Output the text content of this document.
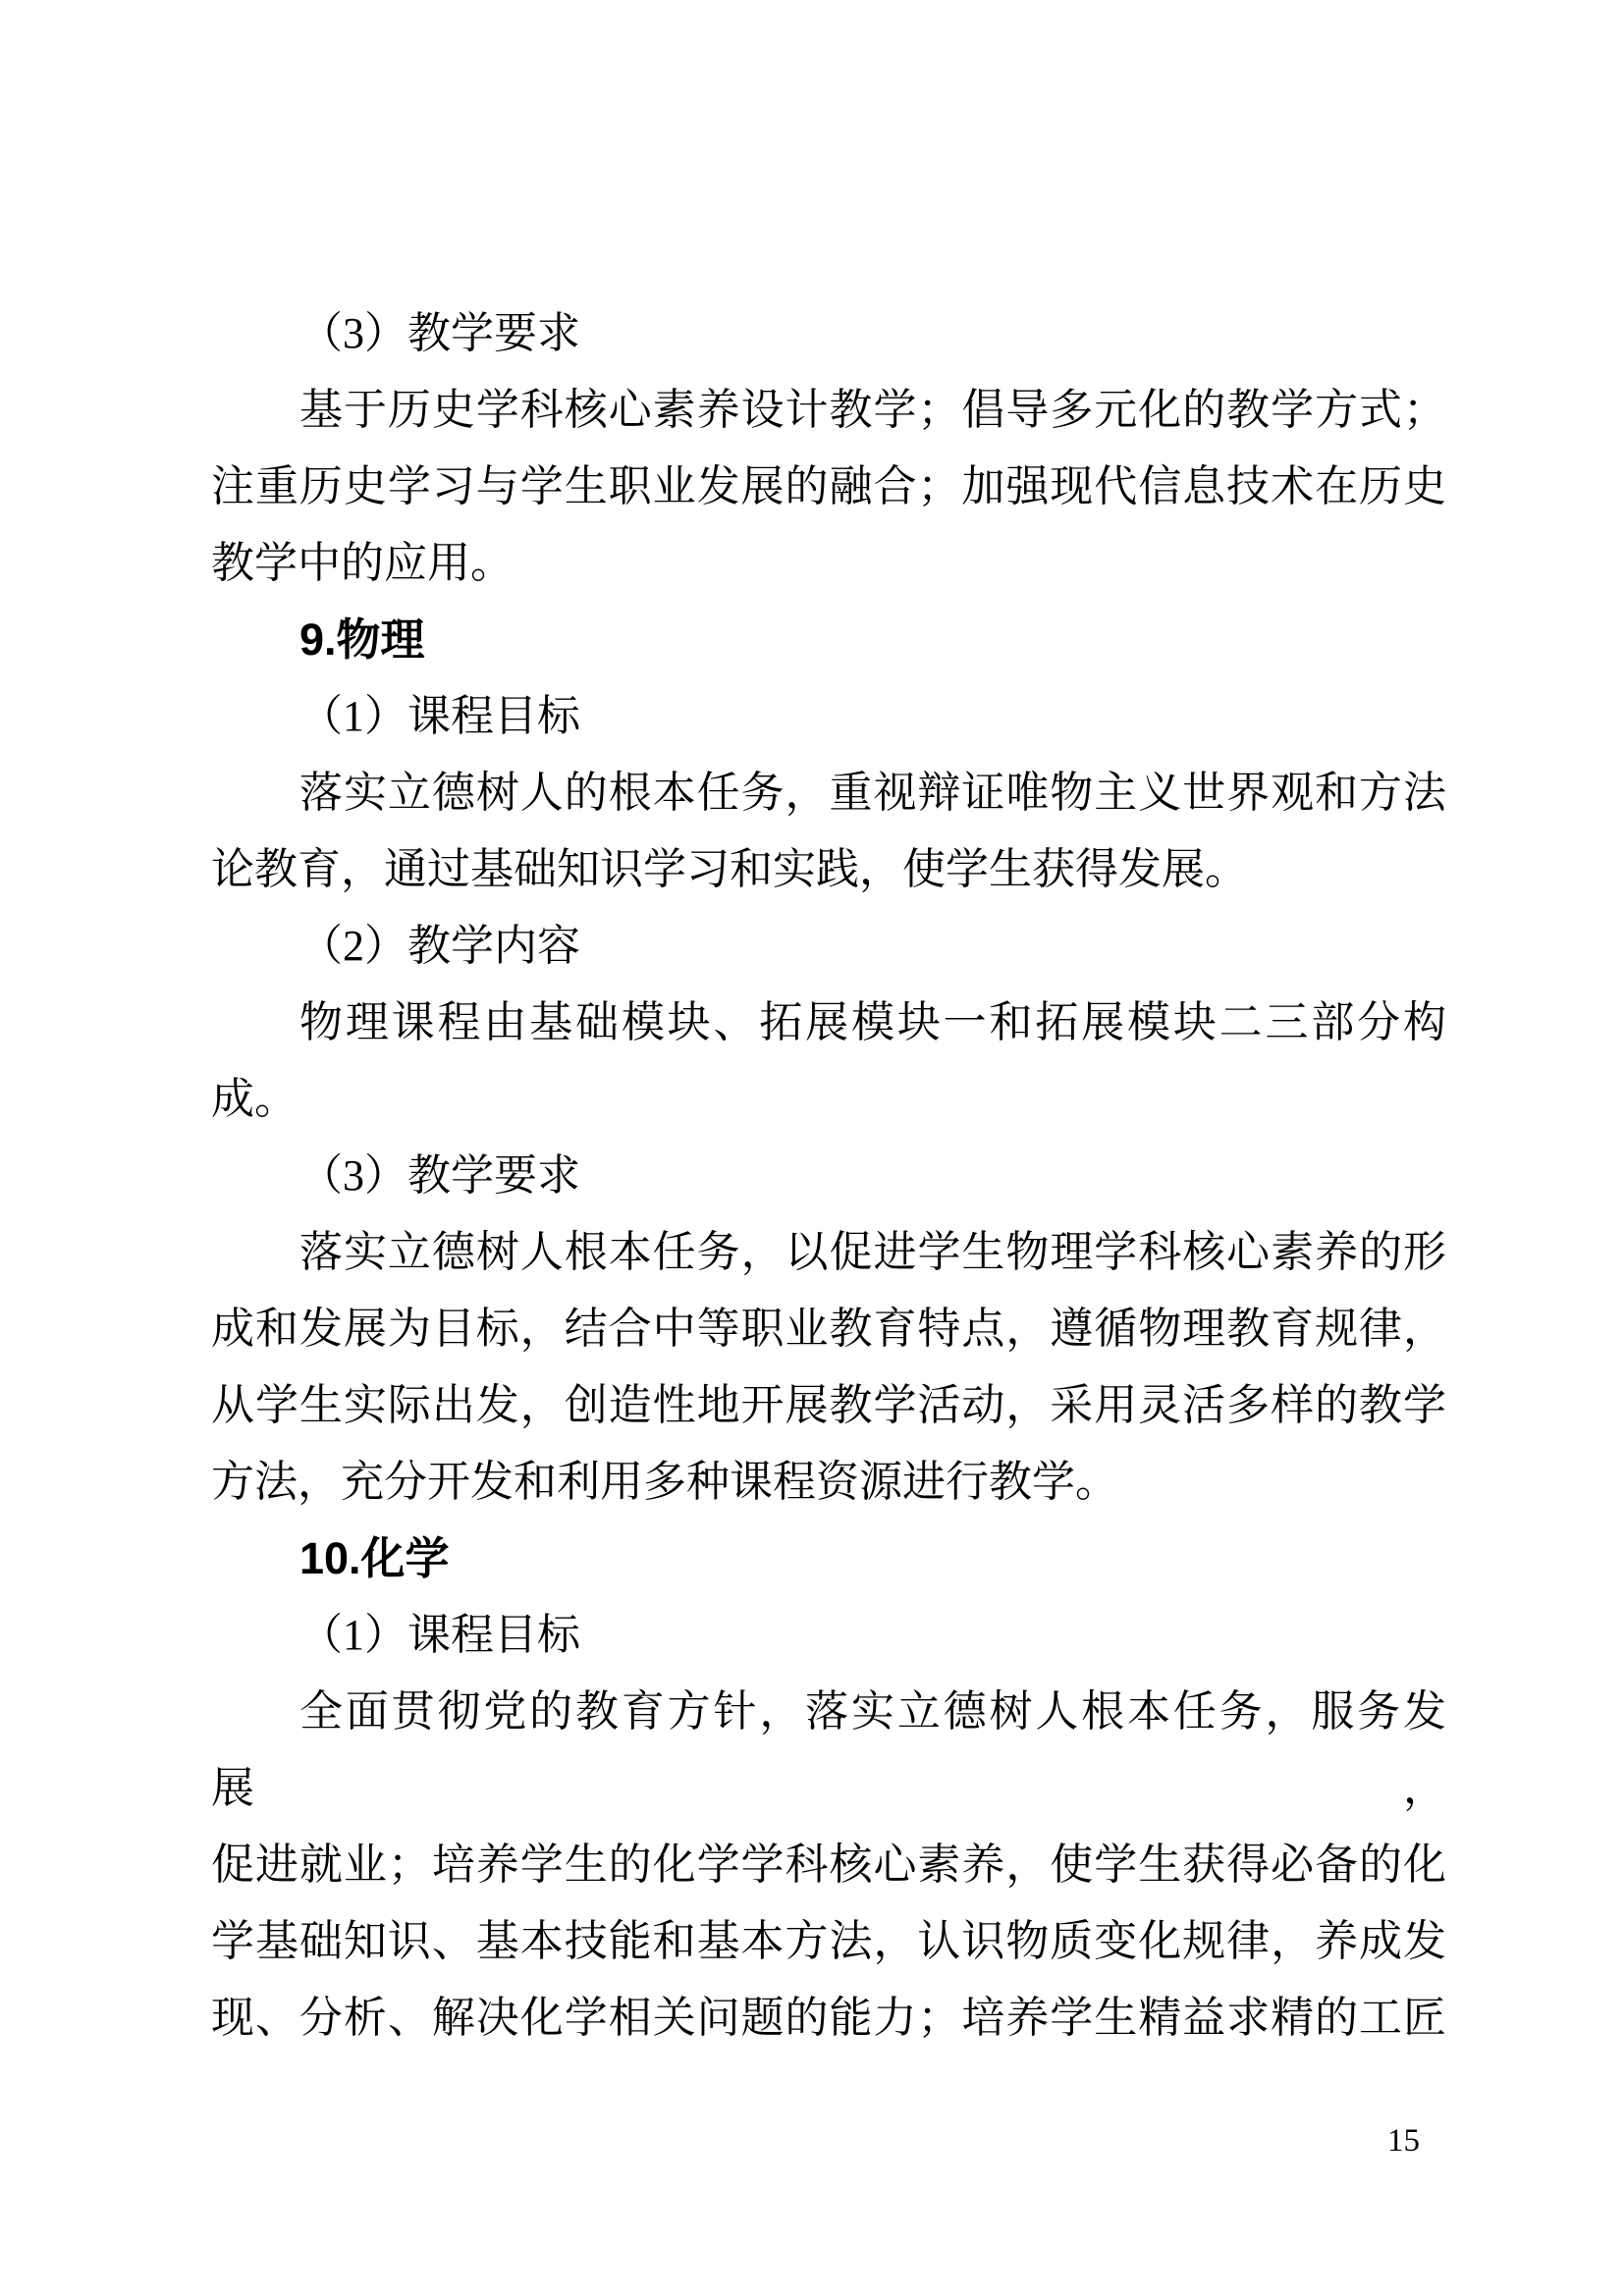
（3）教学要求
基于历史学科核心素养设计教学；倡导多元化的教学方式；
注重历史学习与学生职业发展的融合；加强现代信息技术在历史
教学中的应用。
9.物理
（1）课程目标
落实立德树人的根本任务，重视辩证唯物主义世界观和方法
论教育，通过基础知识学习和实践，使学生获得发展。
（2）教学内容
物理课程由基础模块、拓展模块一和拓展模块二三部分构
成。
（3）教学要求
落实立德树人根本任务，以促进学生物理学科核心素养的形
成和发展为目标，结合中等职业教育特点，遵循物理教育规律，
从学生实际出发，创造性地开展教学活动，采用灵活多样的教学
方法，充分开发和利用多种课程资源进行教学。
10.化学
（1）课程目标
全面贯彻党的教育方针，落实立德树人根本任务，服务发展，
促进就业；培养学生的化学学科核心素养，使学生获得必备的化
学基础知识、基本技能和基本方法，认识物质变化规律，养成发
现、分析、解决化学相关问题的能力；培养学生精益求精的工匠
15
